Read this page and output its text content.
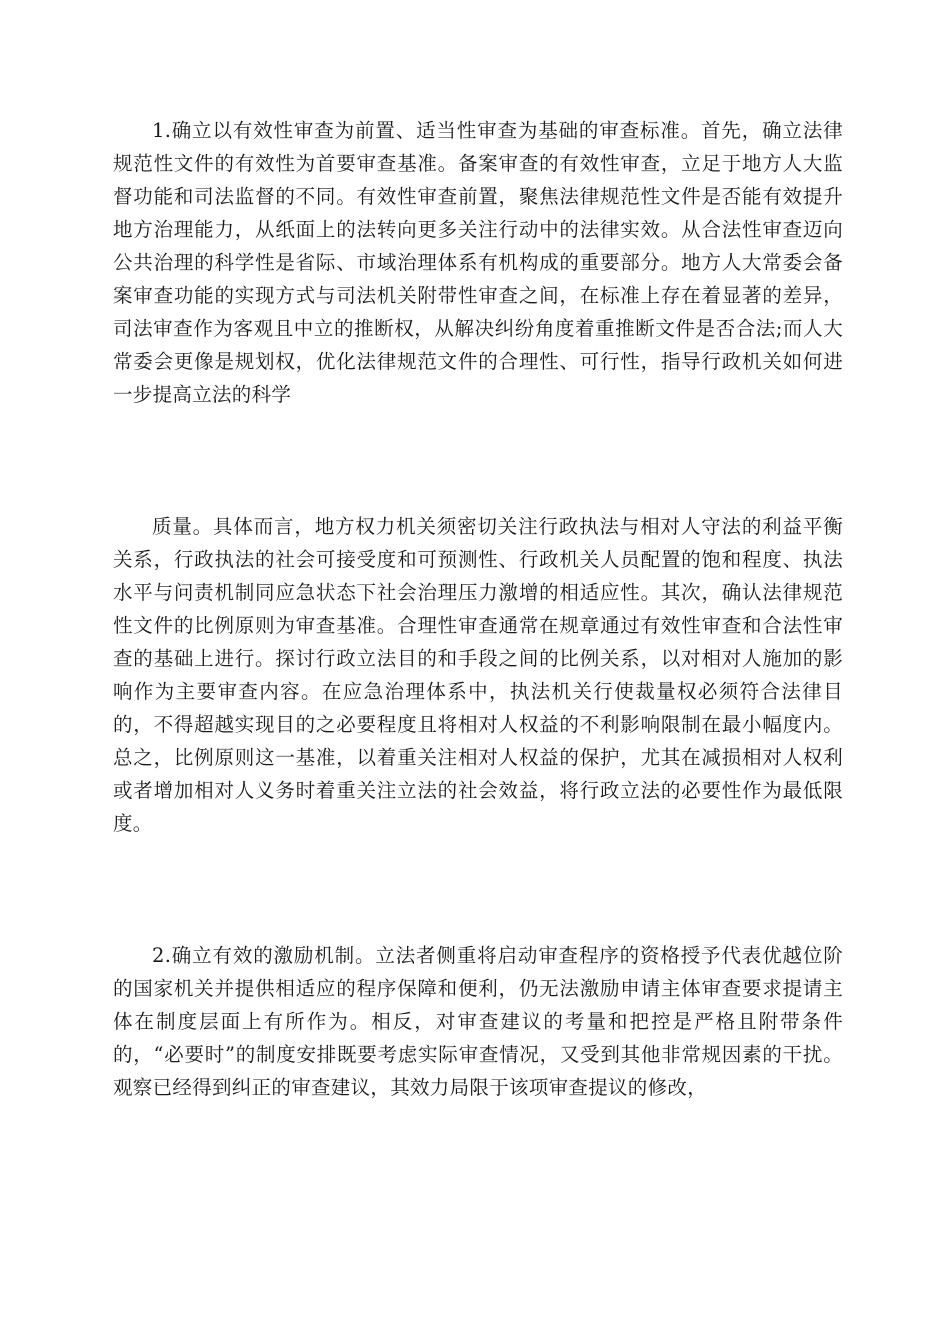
1.确立以有效性审查为前置、适当性审查为基础的审查标准。首先，确立法律规范性文件的有效性为首要审查基准。备案审查的有效性审查，立足于地方人大监督功能和司法监督的不同。有效性审查前置，聚焦法律规范性文件是否能有效提升地方治理能力，从纸面上的法转向更多关注行动中的法律实效。从合法性审查迈向公共治理的科学性是省际、市域治理体系有机构成的重要部分。地方人大常委会备案审查功能的实现方式与司法机关附带性审查之间，在标准上存在着显著的差异，司法审查作为客观且中立的推断权，从解决纠纷角度着重推断文件是否合法;而人大常委会更像是规划权，优化法律规范文件的合理性、可行性，指导行政机关如何进一步提高立法的科学

质量。具体而言，地方权力机关须密切关注行政执法与相对人守法的利益平衡关系，行政执法的社会可接受度和可预测性、行政机关人员配置的饱和程度、执法水平与问责机制同应急状态下社会治理压力激增的相适应性。其次，确认法律规范性文件的比例原则为审查基准。合理性审查通常在规章通过有效性审查和合法性审查的基础上进行。探讨行政立法目的和手段之间的比例关系，以对相对人施加的影响作为主要审查内容。在应急治理体系中，执法机关行使裁量权必须符合法律目的，不得超越实现目的之必要程度且将相对人权益的不利影响限制在最小幅度内。总之，比例原则这一基准，以着重关注相对人权益的保护，尤其在减损相对人权利或者增加相对人义务时着重关注立法的社会效益，将行政立法的必要性作为最低限度。

2.确立有效的激励机制。立法者侧重将启动审查程序的资格授予代表优越位阶的国家机关并提供相适应的程序保障和便利，仍无法激励申请主体审查要求提请主体在制度层面上有所作为。相反，对审查建议的考量和把控是严格且附带条件的，“必要时”的制度安排既要考虑实际审查情况，又受到其他非常规因素的干扰。观察已经得到纠正的审查建议，其效力局限于该项审查提议的修改，
